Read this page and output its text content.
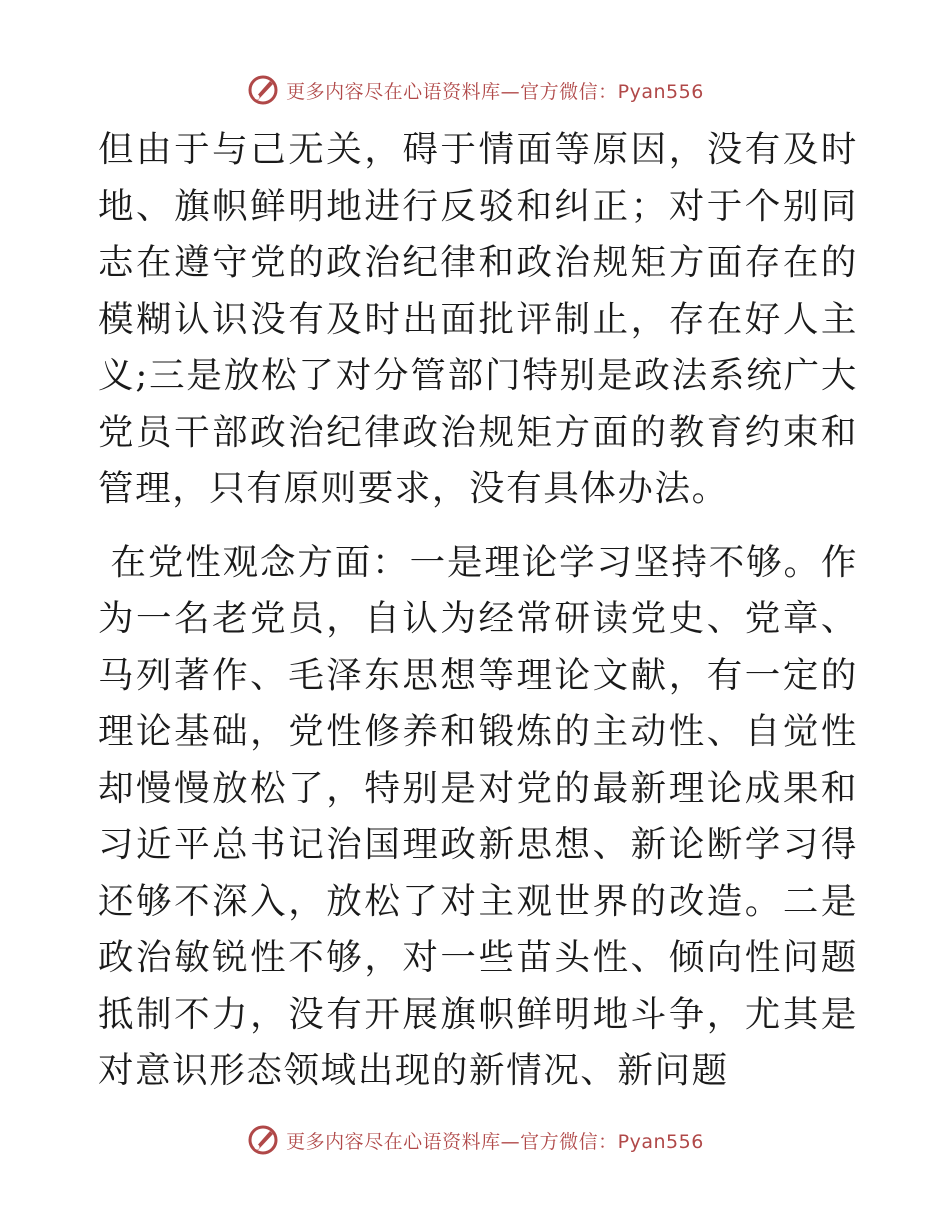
更多内容尽在心语资料库—官方微信：Pyan556

但由于与己无关，碍于情面等原因，没有及时地、旗帜鲜明地进行反驳和纠正；对于个别同志在遵守党的政治纪律和政治规矩方面存在的模糊认识没有及时出面批评制止，存在好人主义;三是放松了对分管部门特别是政法系统广大党员干部政治纪律政治规矩方面的教育约束和管理，只有原则要求，没有具体办法。

在党性观念方面：一是理论学习坚持不够。作为一名老党员，自认为经常研读党史、党章、马列著作、毛泽东思想等理论文献，有一定的理论基础，党性修养和锻炼的主动性、自觉性却慢慢放松了，特别是对党的最新理论成果和习近平总书记治国理政新思想、新论断学习得还够不深入，放松了对主观世界的改造。二是政治敏锐性不够，对一些苗头性、倾向性问题抵制不力，没有开展旗帜鲜明地斗争，尤其是对意识形态领域出现的新情况、新问题

更多内容尽在心语资料库—官方微信：Pyan556
